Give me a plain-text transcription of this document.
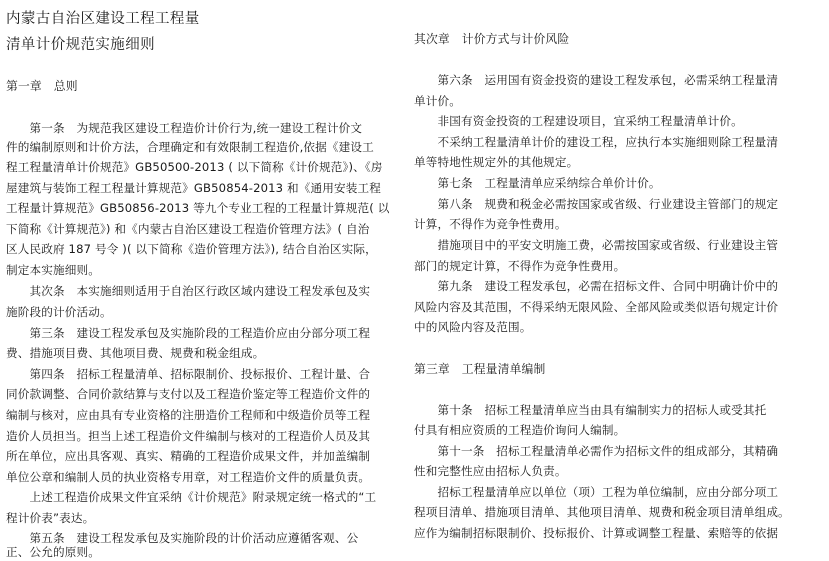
内蒙古自治区建设工程工程量
清单计价规范实施细则
第一章　总则
　　第一条　为规范我区建设工程造价计价行为,统一建设工程计价文
件的编制原则和计价方法，合理确定和有效限制工程造价,依据《建设工
程工程量清单计价规范》GB50500-2013 ( 以下简称《计价规范》)、《房
屋建筑与装饰工程工程量计算规范》GB50854-2013 和《通用安装工程
工程量计算规范》GB50856-2013 等九个专业工程的工程量计算规范( 以
下简称《计算规范》) 和《内蒙古自治区建设工程造价管理方法》( 自治
区人民政府 187 号令 )( 以下简称《造价管理方法》), 结合自治区实际，
制定本实施细则。
　　其次条　本实施细则适用于自治区行政区域内建设工程发承包及实
施阶段的计价活动。
　　第三条　建设工程发承包及实施阶段的工程造价应由分部分项工程
费、措施项目费、其他项目费、规费和税金组成。
　　第四条　招标工程量清单、招标限制价、投标报价、工程计量、合
同价款调整、合同价款结算与支付以及工程造价鉴定等工程造价文件的
编制与核对，应由具有专业资格的注册造价工程师和中级造价员等工程
造价人员担当。担当上述工程造价文件编制与核对的工程造价人员及其
所在单位，应出具客观、真实、精确的工程造价成果文件，并加盖编制
单位公章和编制人员的执业资格专用章，对工程造价文件的质量负责。
　　上述工程造价成果文件宜采纳《计价规范》附录规定统一格式的“工
程计价表”表达。
　　第五条　建设工程发承包及实施阶段的计价活动应遵循客观、公
正、公允的原则。
其次章　计价方式与计价风险
　　第六条　运用国有资金投资的建设工程发承包，必需采纳工程量清
单计价。
　　非国有资金投资的工程建设项目，宜采纳工程量清单计价。
　　不采纳工程量清单计价的建设工程，应执行本实施细则除工程量清
单等特地性规定外的其他规定。
　　第七条　工程量清单应采纳综合单价计价。
　　第八条　规费和税金必需按国家或省级、行业建设主管部门的规定
计算，不得作为竞争性费用。
　　措施项目中的平安文明施工费，必需按国家或省级、行业建设主管
部门的规定计算，不得作为竞争性费用。
　　第九条　建设工程发承包，必需在招标文件、合同中明确计价中的
风险内容及其范围，不得采纳无限风险、全部风险或类似语句规定计价
中的风险内容及范围。
第三章　工程量清单编制
　　第十条　招标工程量清单应当由具有编制实力的招标人或受其托
付具有相应资质的工程造价询问人编制。
　　第十一条　招标工程量清单必需作为招标文件的组成部分，其精确
性和完整性应由招标人负责。
　　招标工程量清单应以单位（项）工程为单位编制，应由分部分项工
程项目清单、措施项目清单、其他项目清单、规费和税金项目清单组成。
应作为编制招标限制价、投标报价、计算或调整工程量、索赔等的依据
